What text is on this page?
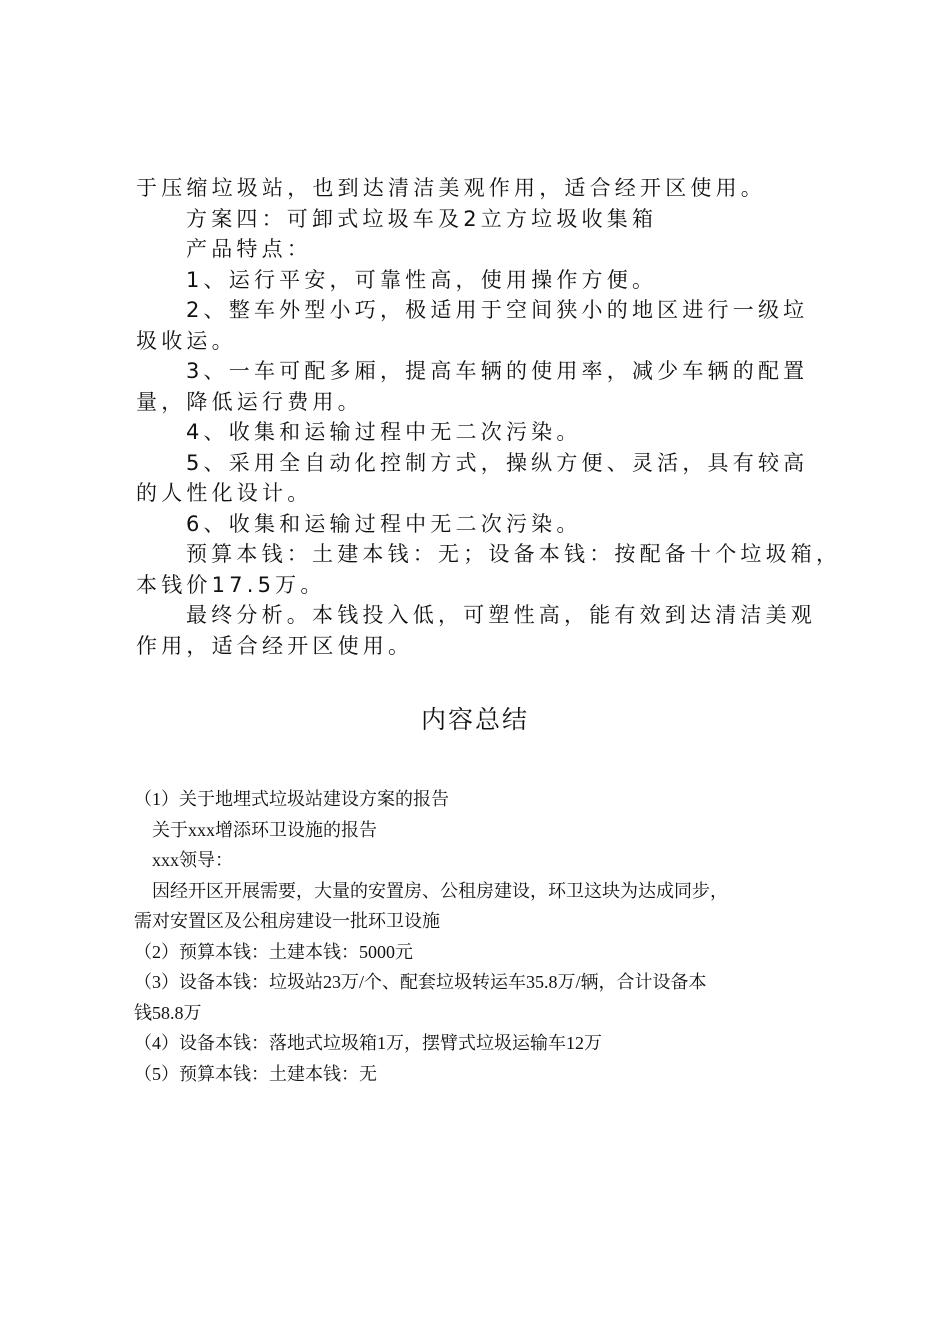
于压缩垃圾站，也到达清洁美观作用，适合经开区使用。

方案四：可卸式垃圾车及2立方垃圾收集箱

产品特点：

1、运行平安，可靠性高，使用操作方便。

2、整车外型小巧，极适用于空间狭小的地区进行一级垃

圾收运。

3、一车可配多厢，提高车辆的使用率，减少车辆的配置

量，降低运行费用。

4、收集和运输过程中无二次污染。

5、采用全自动化控制方式，操纵方便、灵活，具有较高

的人性化设计。

6、收集和运输过程中无二次污染。

预算本钱：土建本钱：无；设备本钱：按配备十个垃圾箱，

本钱价17.5万。

最终分析。本钱投入低，可塑性高，能有效到达清洁美观

作用，适合经开区使用。

内容总结

（1）关于地埋式垃圾站建设方案的报告

关于xxx增添环卫设施的报告

xxx领导：

因经开区开展需要，大量的安置房、公租房建设，环卫这块为达成同步，

需对安置区及公租房建设一批环卫设施

（2）预算本钱：土建本钱：5000元

（3）设备本钱：垃圾站23万/个、配套垃圾转运车35.8万/辆，合计设备本

钱58.8万

（4）设备本钱：落地式垃圾箱1万，摆臂式垃圾运输车12万

（5）预算本钱：土建本钱：无
